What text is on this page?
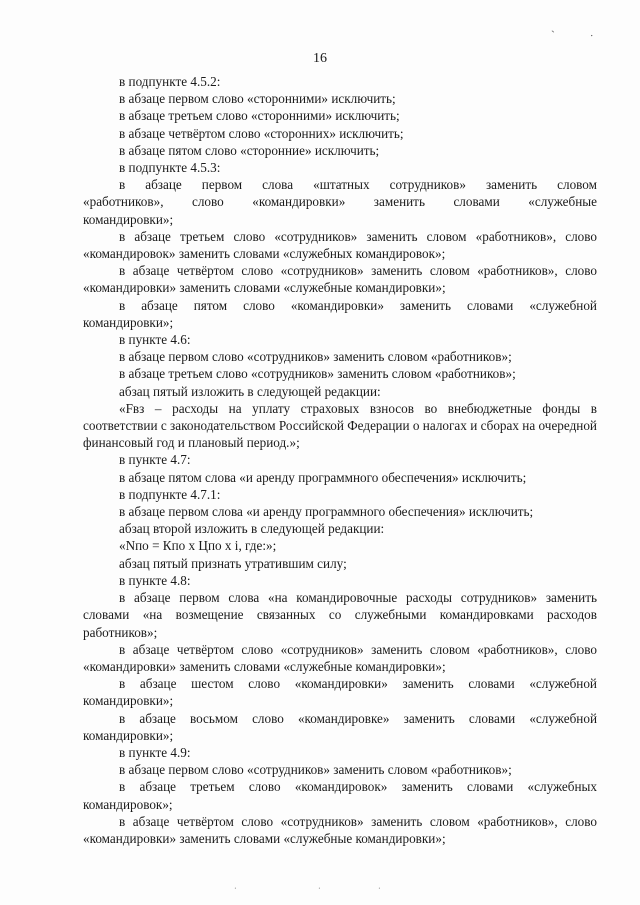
`	⋅
16

в подпункте 4.5.2:

в абзаце первом слово «сторонними» исключить;

в абзаце третьем слово «сторонними» исключить;

в абзаце четвёртом слово «сторонних» исключить;

в абзаце пятом слово «сторонние» исключить;

в подпункте 4.5.3:

в абзаце первом слова «штатных сотрудников» заменить словом «работников», слово «командировки» заменить словами «служебные командировки»;

в абзаце третьем слово «сотрудников» заменить словом «работников», слово «командировок» заменить словами «служебных командировок»;

в абзаце четвёртом слово «сотрудников» заменить словом «работников», слово «командировки» заменить словами «служебные командировки»;

в абзаце пятом слово «командировки» заменить словами «служебной командировки»;

в пункте 4.6:

в абзаце первом слово «сотрудников» заменить словом «работников»;

в абзаце третьем слово «сотрудников» заменить словом «работников»;

абзац пятый изложить в следующей редакции:

«Fвз – расходы на уплату страховых взносов во внебюджетные фонды в соответствии с законодательством Российской Федерации о налогах и сборах на очередной финансовый год и плановый период.»;

в пункте 4.7:

в абзаце пятом слова «и аренду программного обеспечения» исключить;

в подпункте 4.7.1:

в абзаце первом слова «и аренду программного обеспечения» исключить;

абзац второй изложить в следующей редакции:

«Nпо = Кпо х Цпо х i, где:»;

абзац пятый признать утратившим силу;

в пункте 4.8:

в абзаце первом слова «на командировочные расходы сотрудников» заменить словами «на возмещение связанных со служебными командировками расходов работников»;

в абзаце четвёртом слово «сотрудников» заменить словом «работников», слово «командировки» заменить словами «служебные командировки»;

в абзаце шестом слово «командировки» заменить словами «служебной командировки»;

в абзаце восьмом слово «командировке» заменить словами «служебной командировки»;

в пункте 4.9:

в абзаце первом слово «сотрудников» заменить словом «работников»;

в абзаце третьем слово «командировок» заменить словами «служебных командировок»;

в абзаце четвёртом слово «сотрудников» заменить словом «работников», слово «командировки» заменить словами «служебные командировки»;

⋅	⋅	⋅
